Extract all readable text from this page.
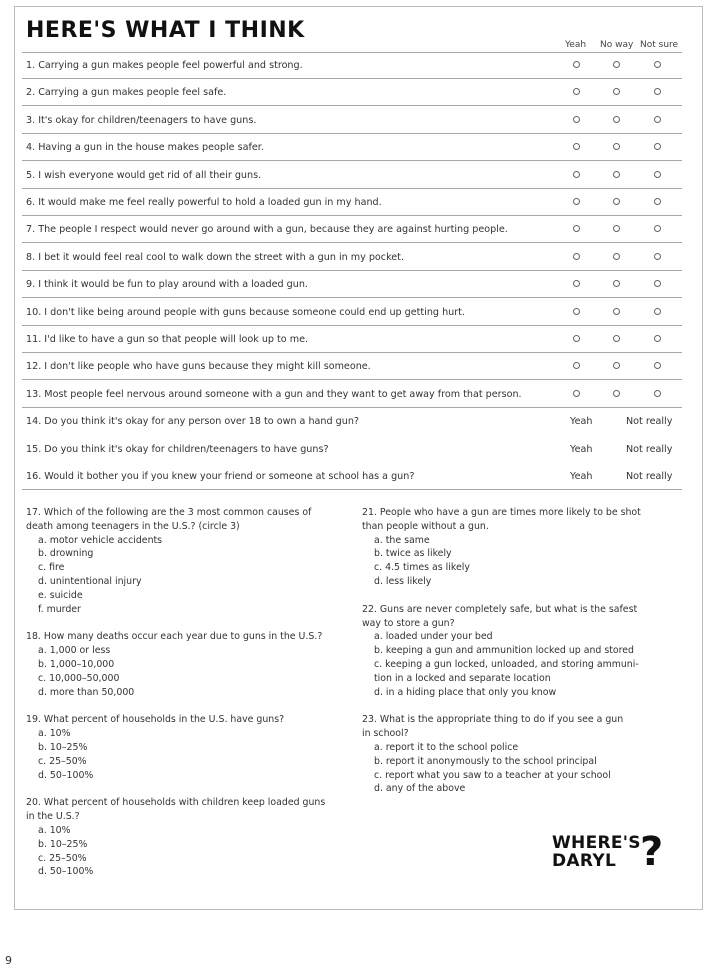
HERE'S WHAT I THINK
Yeah No way Not sure
1. Carrying a gun makes people feel powerful and strong.
2. Carrying a gun makes people feel safe.
3. It's okay for children/teenagers to have guns.
4. Having a gun in the house makes people safer.
5. I wish everyone would get rid of all their guns.
6. It would make me feel really powerful to hold a loaded gun in my hand.
7. The people I respect would never go around with a gun, because they are against hurting people.
8. I bet it would feel real cool to walk down the street with a gun in my pocket.
9. I think it would be fun to play around with a loaded gun.
10. I don't like being around people with guns because someone could end up getting hurt.
11. I'd like to have a gun so that people will look up to me.
12. I don't like people who have guns because they might kill someone.
13. Most people feel nervous around someone with a gun and they want to get away from that person.
14. Do you think it's okay for any person over 18 to own a hand gun?	Yeah	Not really
15. Do you think it's okay for children/teenagers to have guns?	Yeah	Not really
16. Would it bother you if you knew your friend or someone at school has a gun?	Yeah	Not really
17. Which of the following are the 3 most common causes of
death among teenagers in the U.S.? (circle 3)
a. motor vehicle accidents
b. drowning
c. fire
d. unintentional injury
e. suicide
f. murder
18. How many deaths occur each year due to guns in the U.S.?
a. 1,000 or less
b. 1,000–10,000
c. 10,000–50,000
d. more than 50,000
19. What percent of households in the U.S. have guns?
a. 10%
b. 10–25%
c. 25–50%
d. 50–100%
20. What percent of households with children keep loaded guns
in the U.S.?
a. 10%
b. 10–25%
c. 25–50%
d. 50–100%
21. People who have a gun are times more likely to be shot
than people without a gun.
a. the same
b. twice as likely
c. 4.5 times as likely
d. less likely
22. Guns are never completely safe, but what is the safest
way to store a gun?
a. loaded under your bed
b. keeping a gun and ammunition locked up and stored
c. keeping a gun locked, unloaded, and storing ammuni-
tion in a locked and separate location
d. in a hiding place that only you know
23. What is the appropriate thing to do if you see a gun
in school?
a. report it to the school police
b. report it anonymously to the school principal
c. report what you saw to a teacher at your school
d. any of the above
WHERE'S
DARYL ?
9
